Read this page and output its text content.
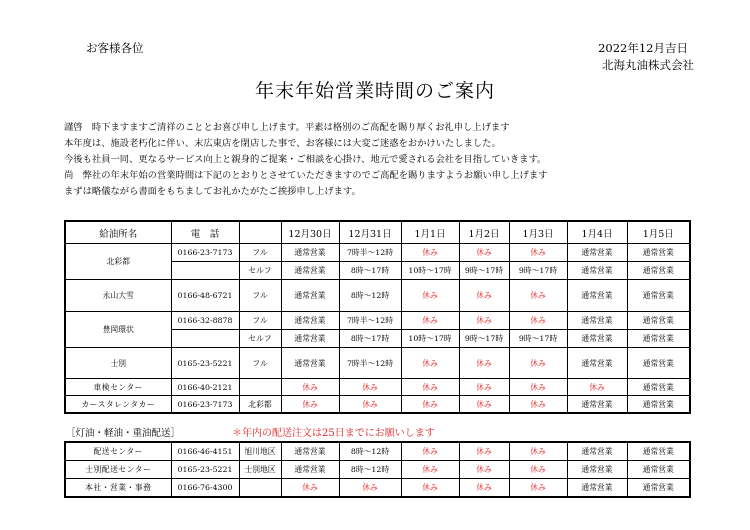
お客様各位	2022年12月吉日
北海丸油株式会社
年末年始営業時間のご案内
謹啓　時下ますますご清祥のこととお喜び申し上げます。平素は格別のご高配を賜り厚くお礼申し上げます
本年度は、施設老朽化に伴い、末広東店を閉店した事で、お客様には大変ご迷惑をおかけいたしました。
今後も社員一同、更なるサービス向上と親身的ご提案・ご相談を心掛け、地元で愛される会社を目指していきます。
尚　弊社の年末年始の営業時間は下記のとおりとさせていただきますのでご高配を賜りますようお願い申し上げます
まずは略儀ながら書面をもちましてお礼かたがたご挨拶申し上げます。
給油所名	電　話		12月30日	12月31日	1月1日	1月2日	1月3日	1月4日	1月5日
北彩都	0166-23-7173	フル	通常営業	7時半～12時	休み	休み	休み	通常営業	通常営業
		セルフ	通常営業	8時～17時	10時～17時	9時～17時	9時～17時	通常営業	通常営業
永山大雪	0166-48-6721	フル	通常営業	8時～12時	休み	休み	休み	通常営業	通常営業
豊岡環状	0166-32-8878	フル	通常営業	7時半～12時	休み	休み	休み	通常営業	通常営業
		セルフ	通常営業	8時～17時	10時～17時	9時～17時	9時～17時	通常営業	通常営業
士別	0165-23-5221	フル	通常営業	7時半～12時	休み	休み	休み	通常営業	通常営業
車検センター	0166-40-2121		休み	休み	休み	休み	休み	休み	通常営業
カースタレンタカー	0166-23-7173	北彩都	休み	休み	休み	休み	休み	通常営業	通常営業
［灯油・軽油・重油配送］	＊年内の配送注文は25日までにお願いします
配送センター	0166-46-4151	旭川地区	通常営業	8時～12時	休み	休み	休み	通常営業	通常営業
士別配送センター	0165-23-5221	士別地区	通常営業	8時～12時	休み	休み	休み	通常営業	通常営業
本社・営業・事務	0166-76-4300		休み	休み	休み	休み	休み	通常営業	通常営業
